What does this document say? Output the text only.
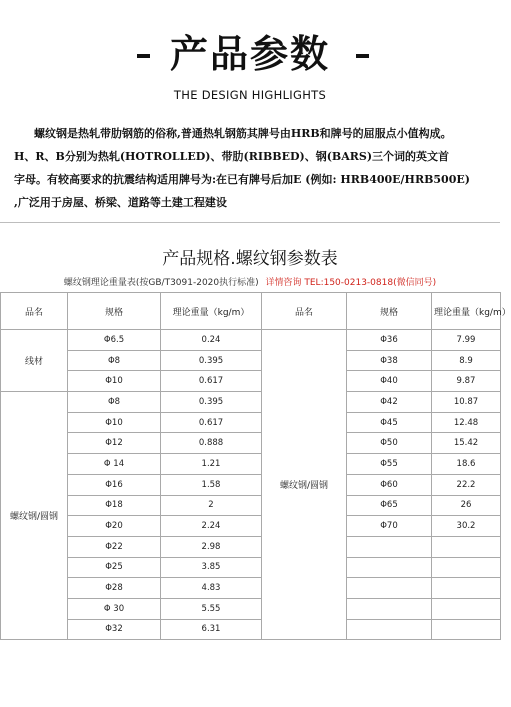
产品参数
THE DESIGN HIGHLIGHTS

螺纹钢是热轧带肋钢筋的俗称,普通热轧钢筋其牌号由HRB和牌号的屈服点小值构成。

H、R、B分别为热轧(HOTROLLED)、带肋(RIBBED)、钢(BARS)三个词的英文首

字母。有较高要求的抗震结构适用牌号为:在已有牌号后加E (例如: HRB400E/HRB500E)

,广泛用于房屋、桥梁、道路等土建工程建设

产品规格.螺纹钢参数表
螺纹钢理论重量表(按GB/T3091-2020执行标准) 详情咨询 TEL:150-0213-0818(微信同号)
品名	规格	理论重量（kg/m）	品名	规格	理论重量（kg/m）
线材	Φ6.5	0.24	螺纹钢/圆钢	Φ36	7.99
	Φ8	0.395		Φ38	8.9
	Φ10	0.617		Φ40	9.87
螺纹钢/圆钢	Φ8	0.395		Φ42	10.87
	Φ10	0.617		Φ45	12.48
	Φ12	0.888		Φ50	15.42
	Φ 14	1.21		Φ55	18.6
	Φ16	1.58		Φ60	22.2
	Φ18	2		Φ65	26
	Φ20	2.24		Φ70	30.2
	Φ22	2.98			
	Φ25	3.85			
	Φ28	4.83			
	Φ 30	5.55			
	Φ32	6.31			
